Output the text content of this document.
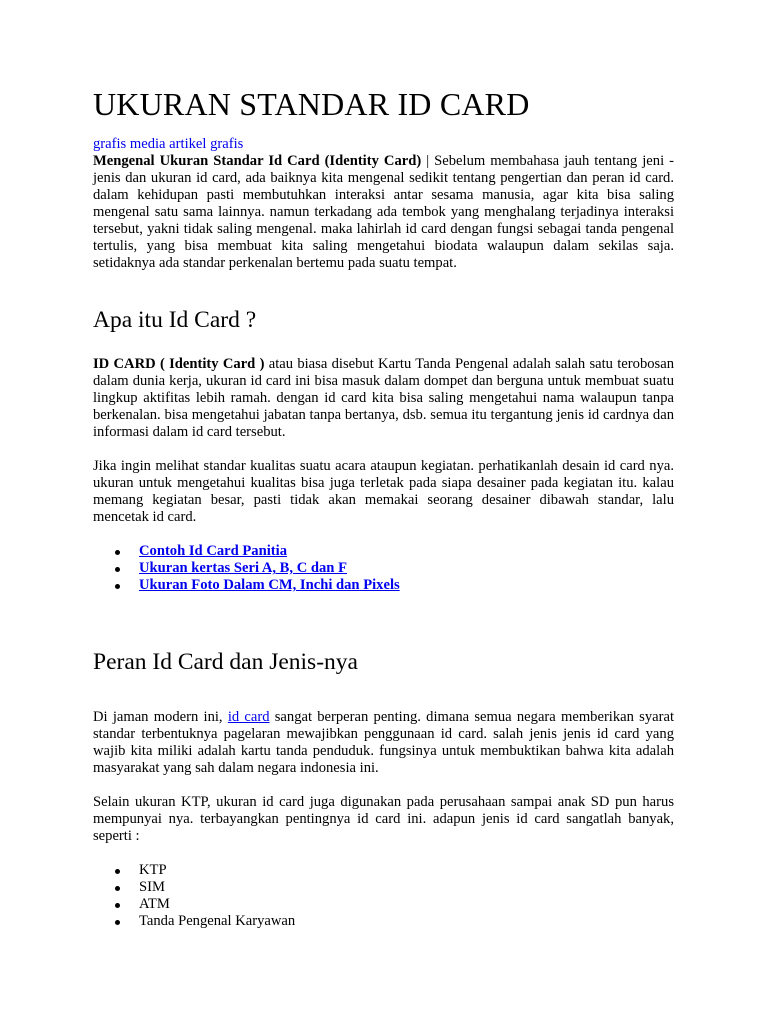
UKURAN STANDAR ID CARD
grafis media artikel grafis

Mengenal Ukuran Standar Id Card (Identity Card) | Sebelum membahasa jauh tentang jeni - jenis dan ukuran id card, ada baiknya kita mengenal sedikit tentang pengertian dan peran id card. dalam kehidupan pasti membutuhkan interaksi antar sesama manusia, agar kita bisa saling mengenal satu sama lainnya. namun terkadang ada tembok yang menghalang terjadinya interaksi tersebut, yakni tidak saling mengenal. maka lahirlah id card dengan fungsi sebagai tanda pengenal tertulis, yang bisa membuat kita saling mengetahui biodata walaupun dalam sekilas saja. setidaknya ada standar perkenalan bertemu pada suatu tempat.

Apa itu Id Card ?

ID CARD ( Identity Card ) atau biasa disebut Kartu Tanda Pengenal adalah salah satu terobosan dalam dunia kerja, ukuran id card ini bisa masuk dalam dompet dan berguna untuk membuat suatu lingkup aktifitas lebih ramah. dengan id card kita bisa saling mengetahui nama walaupun tanpa berkenalan. bisa mengetahui jabatan tanpa bertanya, dsb. semua itu tergantung jenis id cardnya dan informasi dalam id card tersebut.

Jika ingin melihat standar kualitas suatu acara ataupun kegiatan. perhatikanlah desain id card nya. ukuran untuk mengetahui kualitas bisa juga terletak pada siapa desainer pada kegiatan itu. kalau memang kegiatan besar, pasti tidak akan memakai seorang desainer dibawah standar, lalu mencetak id card.

Contoh Id Card Panitia
Ukuran kertas Seri A, B, C dan F
Ukuran Foto Dalam CM, Inchi dan Pixels
Peran Id Card dan Jenis-nya

Di jaman modern ini, id card sangat berperan penting. dimana semua negara memberikan syarat standar terbentuknya pagelaran mewajibkan penggunaan id card. salah jenis jenis id card yang wajib kita miliki adalah kartu tanda penduduk. fungsinya untuk membuktikan bahwa kita adalah masyarakat yang sah dalam negara indonesia ini.

Selain ukuran KTP, ukuran id card juga digunakan pada perusahaan sampai anak SD pun harus mempunyai nya. terbayangkan pentingnya id card ini. adapun jenis id card sangatlah banyak, seperti :

KTP
SIM
ATM
Tanda Pengenal Karyawan
